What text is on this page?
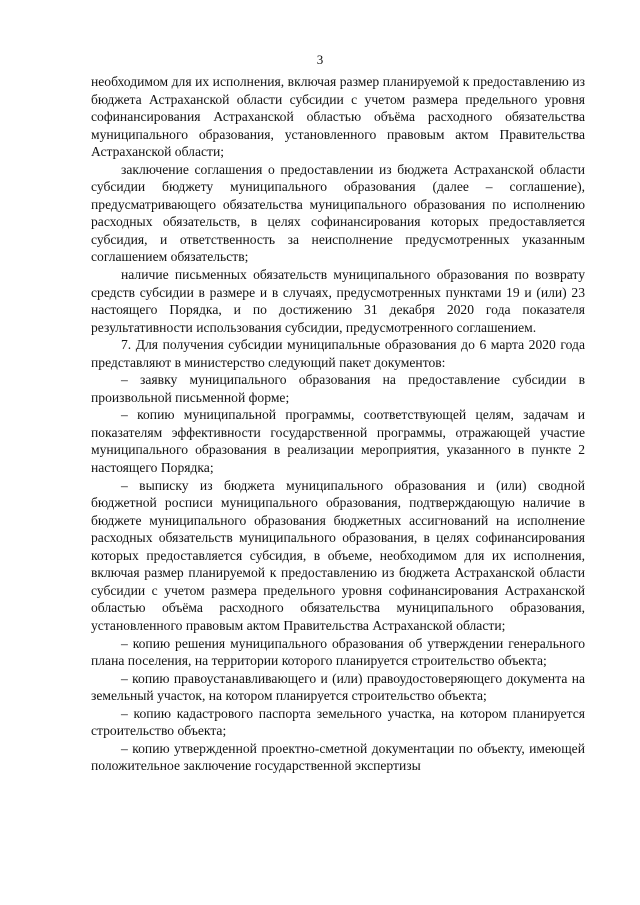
3

необходимом для их исполнения, включая размер планируемой к предоставлению из бюджета Астраханской области субсидии с учетом размера предельного уровня софинансирования Астраханской областью объёма расходного обязательства муниципального образования, установленного правовым актом Правительства Астраханской области;

заключение соглашения о предоставлении из бюджета Астраханской области субсидии бюджету муниципального образования (далее – соглашение), предусматривающего обязательства муниципального образования по исполнению расходных обязательств, в целях софинансирования которых предоставляется субсидия, и ответственность за неисполнение предусмотренных указанным соглашением обязательств;

наличие письменных обязательств муниципального образования по возврату средств субсидии в размере и в случаях, предусмотренных пунктами 19 и (или) 23 настоящего Порядка, и по достижению 31 декабря 2020 года показателя результативности использования субсидии, предусмотренного соглашением.

7. Для получения субсидии муниципальные образования до 6 марта 2020 года представляют в министерство следующий пакет документов:

– заявку муниципального образования на предоставление субсидии в произвольной письменной форме;

– копию муниципальной программы, соответствующей целям, задачам и показателям эффективности государственной программы, отражающей участие муниципального образования в реализации мероприятия, указанного в пункте 2 настоящего Порядка;

– выписку из бюджета муниципального образования и (или) сводной бюджетной росписи муниципального образования, подтверждающую наличие в бюджете муниципального образования бюджетных ассигнований на исполнение расходных обязательств муниципального образования, в целях софинансирования которых предоставляется субсидия, в объеме, необходимом для их исполнения, включая размер планируемой к предоставлению из бюджета Астраханской области субсидии с учетом размера предельного уровня софинансирования Астраханской областью объёма расходного обязательства муниципального образования, установленного правовым актом Правительства Астраханской области;

– копию решения муниципального образования об утверждении генерального плана поселения, на территории которого планируется строительство объекта;

– копию правоустанавливающего и (или) правоудостоверяющего документа на земельный участок, на котором планируется строительство объекта;

– копию кадастрового паспорта земельного участка, на котором планируется строительство объекта;

– копию утвержденной проектно-сметной документации по объекту, имеющей положительное заключение государственной экспертизы
